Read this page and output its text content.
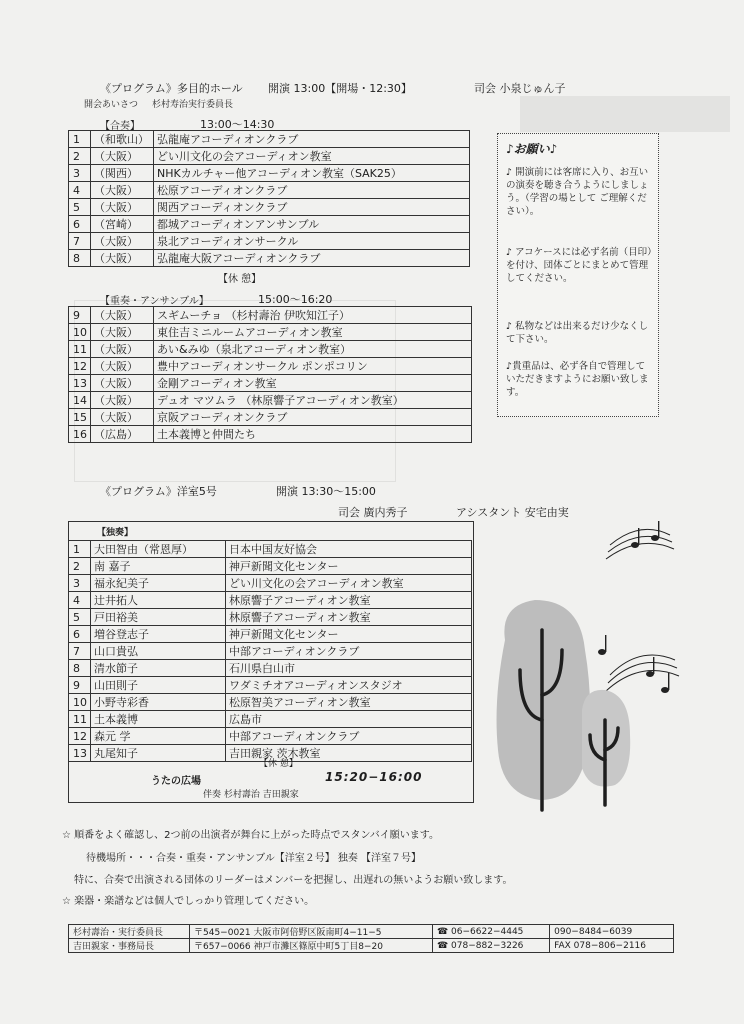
《プログラム》多目的ホール 開演 13:00【開場・12:30】	司会 小泉じゅん子
開会あいさつ 杉村寿治実行委員長
【合奏】	13:00〜14:30
1	（和歌山）	弘龍庵アコーディオンクラブ
2	（大阪）	どい川文化の会アコーディオン教室
3	（関西）	NHKカルチャー他アコーディオン教室（SAK25）
4	（大阪）	松原アコーディオンクラブ
5	（大阪）	関西アコーディオンクラブ
6	（宮崎）	都城アコーディオンアンサンブル
7	（大阪）	泉北アコーディオンサークル
8	（大阪）	弘龍庵大阪アコーディオンクラブ
【休 憩】
【重奏・アンサンブル】	15:00〜16:20
9	（大阪）	スギムーチョ （杉村壽治 伊吹知江子）
10	（大阪）	東住吉ミニルームアコーディオン教室
11	（大阪）	あい&みゆ（泉北アコーディオン教室）
12	（大阪）	豊中アコーディオンサークル ポンポコリン
13	（大阪）	金剛アコーディオン教室
14	（大阪）	デュオ マツムラ （林原響子アコーディオン教室）
15	（大阪）	京阪アコーディオンクラブ
16	（広島）	土本義博と仲間たち
♪お願い♪
♪ 開演前には客席に入り、お互いの演奏を聴き合うようにしましょう。（学習の場として ご理解ください）。
♪ アコケースには必ず名前（目印）を付け、団体ごとにまとめて管理してください。
♪ 私物などは出来るだけ少なくして下さい。
♪貴重品は、必ず各自で管理していただきますようにお願い致します。
《プログラム》洋室5号	開演 13:30〜15:00
司会 廣内秀子	アシスタント 安宅由実
【独奏】
1	大田智由（常恩厚）	日本中国友好協会
2	南 嘉子	神戸新聞文化センター
3	福永紀美子	どい川文化の会アコーディオン教室
4	辻井拓人	林原響子アコーディオン教室
5	戸田裕美	林原響子アコーディオン教室
6	増谷登志子	神戸新聞文化センター
7	山口貴弘	中部アコーディオンクラブ
8	清水節子	石川県白山市
9	山田則子	ワダミチオアコーディオンスタジオ
10	小野寺彩香	松原智美アコーディオン教室
11	土本義博	広島市
12	森元 学	中部アコーディオンクラブ
13	丸尾知子	吉田親家 茨木教室
【休 憩】
うたの広場	15:20−16:00
伴奏 杉村壽治 吉田親家
☆ 順番をよく確認し、2つ前の出演者が舞台に上がった時点でスタンバイ願います。
待機場所・・・合奏・重奏・アンサンブル【洋室２号】 独奏 【洋室７号】
特に、合奏で出演される団体のリーダーはメンバーを把握し、出遅れの無いようお願い致します。
☆ 楽器・楽譜などは個人でしっかり管理してください。
杉村壽治・実行委員長	〒545−0021 大阪市阿倍野区阪南町4−11−5	☎ 06−6622−4445	090−8484−6039
吉田親家・事務局長	〒657−0066 神戸市灘区篠原中町5丁目8−20	☎ 078−882−3226	FAX 078−806−2116
